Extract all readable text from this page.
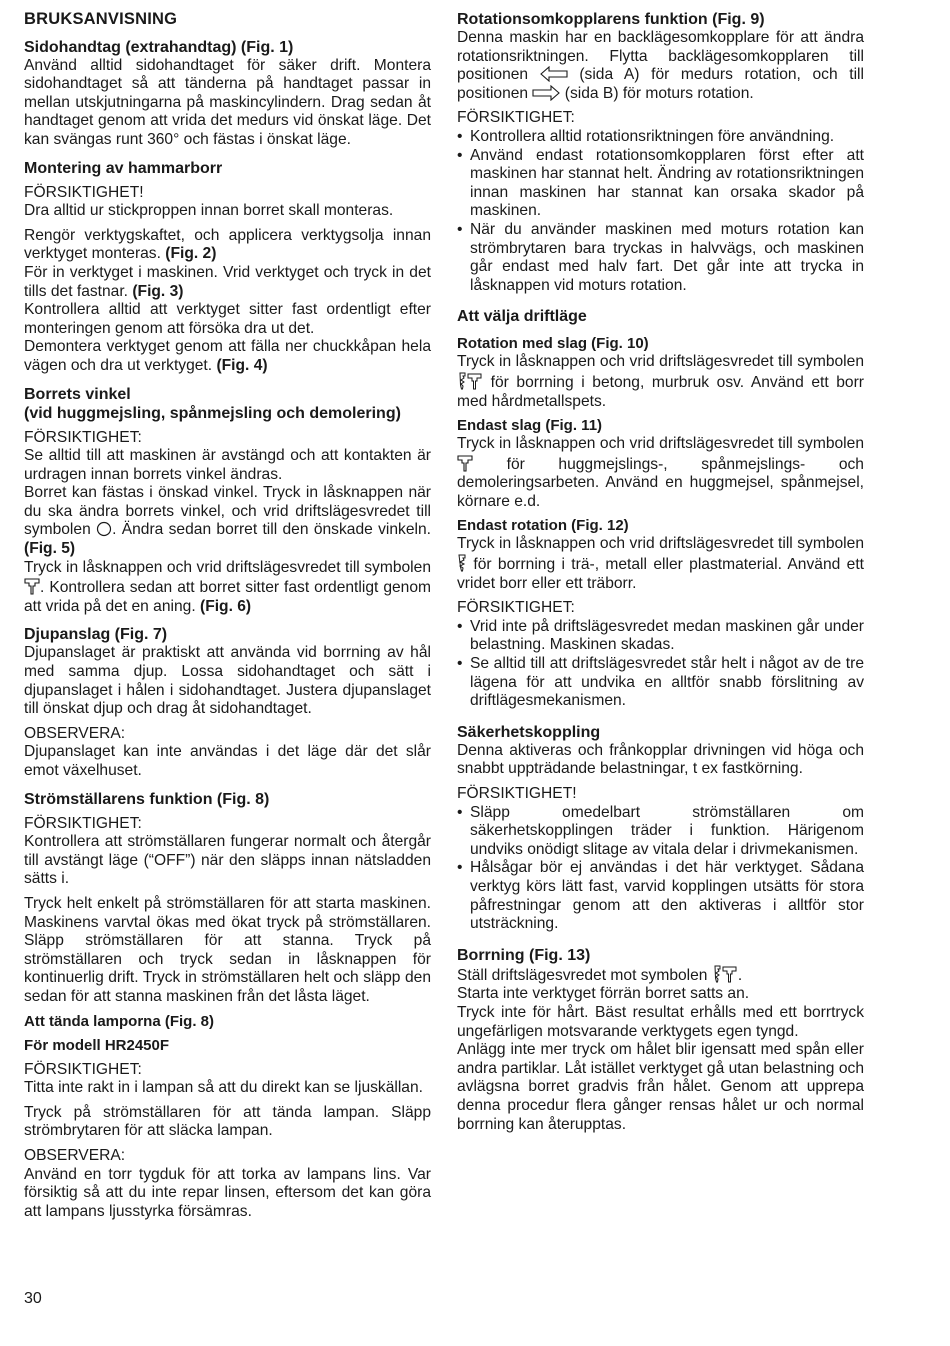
BRUKSANVISNING
Sidohandtag (extrahandtag) (Fig. 1)

Använd alltid sidohandtaget för säker drift. Montera sidohandtaget så att tänderna på handtaget passar in mellan utskjutningarna på maskincylindern. Drag sedan åt handtaget genom att vrida det medurs vid önskat läge. Det kan svängas runt 360° och fästas i önskat läge.

Montering av hammarborr

FÖRSIKTIGHET!

Dra alltid ur stickproppen innan borret skall monteras.

Rengör verktygskaftet, och applicera verktygsolja innan verktyget monteras. (Fig. 2)

För in verktyget i maskinen. Vrid verktyget och tryck in det tills det fastnar. (Fig. 3)

Kontrollera alltid att verktyget sitter fast ordentligt efter monteringen genom att försöka dra ut det.

Demontera verktyget genom att fälla ner chuckkåpan hela vägen och dra ut verktyget. (Fig. 4)

Borrets vinkel
(vid huggmejsling, spånmejsling och demolering)

FÖRSIKTIGHET:

Se alltid till att maskinen är avstängd och att kontakten är urdragen innan borrets vinkel ändras.

Borret kan fästas i önskad vinkel. Tryck in låsknappen när du ska ändra borrets vinkel, och vrid driftslägesvredet till symbolen . Ändra sedan borret till den önskade vinkeln. (Fig. 5)

Tryck in låsknappen och vrid driftslägesvredet till symbolen . Kontrollera sedan att borret sitter fast ordentligt genom att vrida på det en aning. (Fig. 6)

Djupanslag (Fig. 7)

Djupanslaget är praktiskt att använda vid borrning av hål med samma djup. Lossa sidohandtaget och sätt i djupanslaget i hålen i sidohandtaget. Justera djupanslaget till önskat djup och drag åt sidohandtaget.

OBSERVERA:

Djupanslaget kan inte användas i det läge där det slår emot växelhuset.

Strömställarens funktion (Fig. 8)

FÖRSIKTIGHET:

Kontrollera att strömställaren fungerar normalt och återgår till avstängt läge (“OFF”) när den släpps innan nätsladden sätts i.

Tryck helt enkelt på strömställaren för att starta maskinen. Maskinens varvtal ökas med ökat tryck på strömställaren. Släpp strömställaren för att stanna. Tryck på strömställaren och tryck sedan in låsknappen för kontinuerlig drift. Tryck in strömställaren helt och släpp den sedan för att stanna maskinen från det låsta läget.

Att tända lamporna (Fig. 8)
För modell HR2450F

FÖRSIKTIGHET:

Titta inte rakt in i lampan så att du direkt kan se ljuskällan.

Tryck på strömställaren för att tända lampan. Släpp strömbrytaren för att släcka lampan.

OBSERVERA:

Använd en torr tygduk för att torka av lampans lins. Var försiktig så att du inte repar linsen, eftersom det kan göra att lampans ljusstyrka försämras.

Rotationsomkopplarens funktion (Fig. 9)

Denna maskin har en backlägesomkopplare för att ändra rotationsriktningen. Flytta backlägesomkopplaren till positionen	(sida A) för medurs rotation, och till positionen (sida B) för moturs rotation.

FÖRSIKTIGHET:

• Kontrollera alltid rotationsriktningen före användning.
• Använd endast rotationsomkopplaren först efter att maskinen har stannat helt. Ändring av rotationsriktningen innan maskinen har stannat kan orsaka skador på maskinen.
• När du använder maskinen med moturs rotation kan strömbrytaren bara tryckas in halvvägs, och maskinen går endast med halv fart. Det går inte att trycka in låsknappen vid moturs rotation.
Att välja driftläge
Rotation med slag (Fig. 10)

Tryck in låsknappen och vrid driftslägesvredet till symbolen  för borrning i betong, murbruk osv. Använd ett borr med hårdmetallspets.

Endast slag (Fig. 11)

Tryck in låsknappen och vrid driftslägesvredet till symbolen  för huggmejslings-, spånmejslings- och demoleringsarbeten. Använd en huggmejsel, spånmejsel, körnare e.d.

Endast rotation (Fig. 12)

Tryck in låsknappen och vrid driftslägesvredet till symbolen  för borrning i trä-, metall eller plastmaterial. Använd ett vridet borr eller ett träborr.

FÖRSIKTIGHET:

• Vrid inte på driftslägesvredet medan maskinen går under belastning. Maskinen skadas.
• Se alltid till att driftslägesvredet står helt i något av de tre lägena för att undvika en alltför snabb förslitning av driftlägesmekanismen.
Säkerhetskoppling

Denna aktiveras och frånkopplar drivningen vid höga och snabbt uppträdande belastningar, t ex fastkörning.

FÖRSIKTIGHET!

• Släpp omedelbart strömställaren om säkerhetskopplingen träder i funktion. Härigenom undviks onödigt slitage av vitala delar i drivmekanismen.
• Hålsågar bör ej användas i det här verktyget. Sådana verktyg körs lätt fast, varvid kopplingen utsätts för stora påfrestningar genom att den aktiveras i alltför stor utsträckning.
Borrning (Fig. 13)

Ställ driftslägesvredet mot symbolen .

Starta inte verktyget förrän borret satts an.

Tryck inte för hårt. Bäst resultat erhålls med ett borrtryck ungefärligen motsvarande verktygets egen tyngd.

Anlägg inte mer tryck om hålet blir igensatt med spån eller andra partiklar. Låt istället verktyget gå utan belastning och avlägsna borret gradvis från hålet. Genom att upprepa denna procedur flera gånger rensas hålet ur och normal borrning kan återupptas.

30
